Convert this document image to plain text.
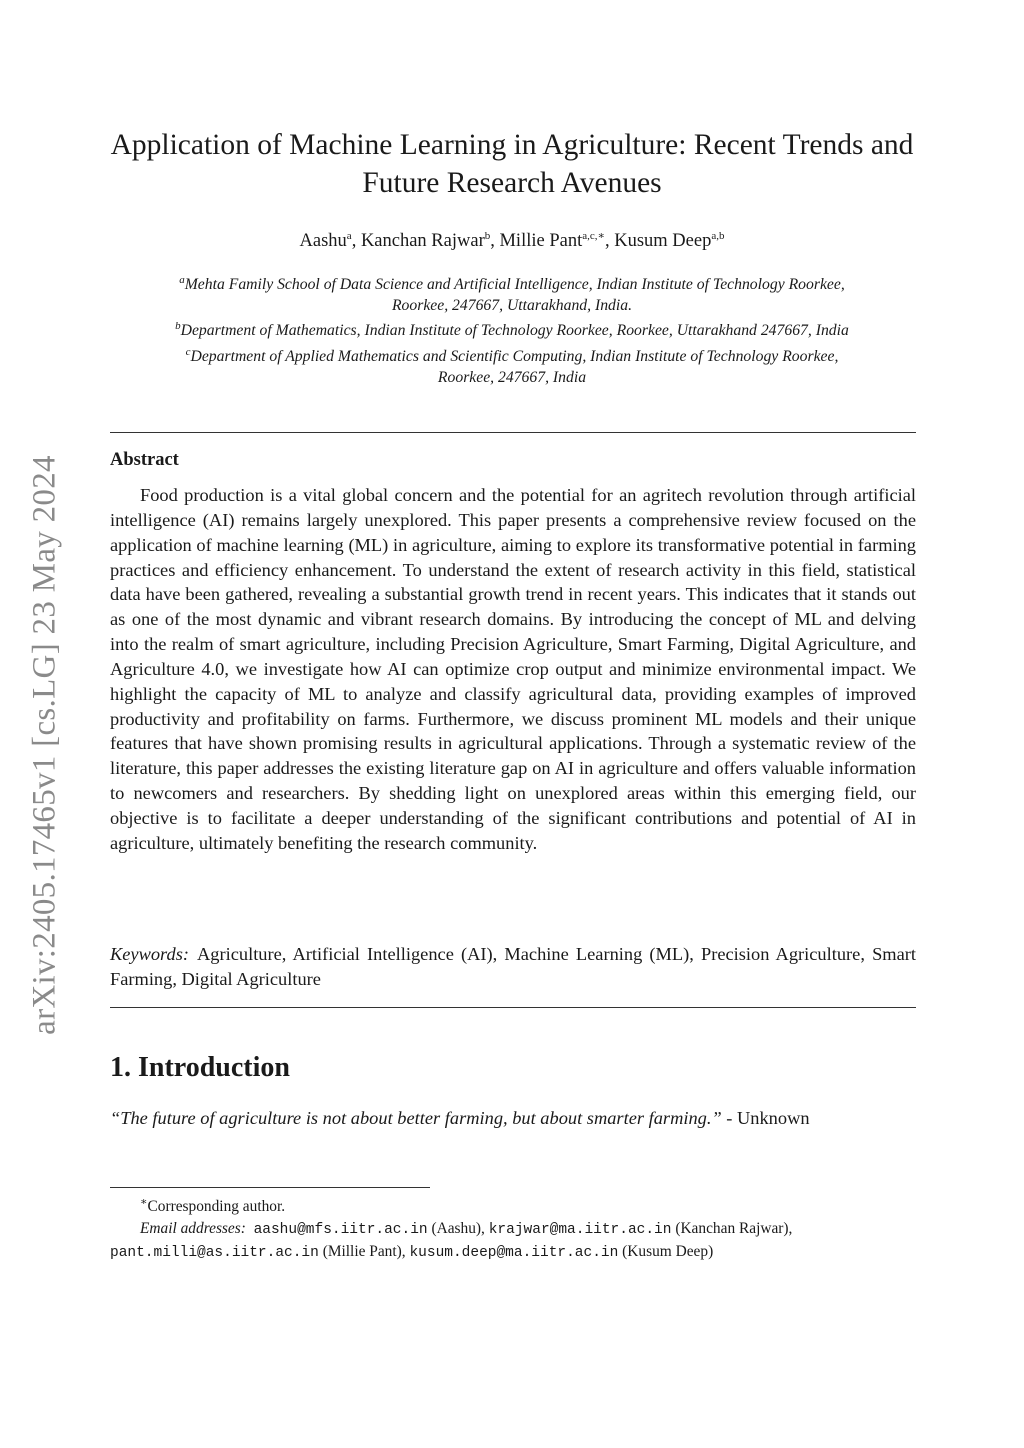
arXiv:2405.17465v1 [cs.LG] 23 May 2024
Application of Machine Learning in Agriculture: Recent Trends and
Future Research Avenues
Aashu$^a$, Kanchan Rajwar$^b$, Millie Pant$^{a,c,∗}$, Kusum Deep$^{a,b}$
$^a$Mehta Family School of Data Science and Artificial Intelligence, Indian Institute of Technology Roorkee,
Roorkee, 247667, Uttarakhand, India.
$^b$Department of Mathematics, Indian Institute of Technology Roorkee, Roorkee, Uttarakhand 247667, India
$^c$Department of Applied Mathematics and Scientific Computing, Indian Institute of Technology Roorkee,
Roorkee, 247667, India
Abstract
Food production is a vital global concern and the potential for an agritech revolution through artificial intelligence (AI) remains largely unexplored. This paper presents a comprehensive review focused on the application of machine learning (ML) in agriculture, aiming to explore its transformative potential in farming practices and efficiency enhancement. To understand the extent of research activity in this field, statistical data have been gathered, revealing a substantial growth trend in recent years. This indicates that it stands out as one of the most dynamic and vibrant research domains. By introducing the concept of ML and delving into the realm of smart agriculture, including Precision Agriculture, Smart Farming, Digital Agriculture, and Agriculture 4.0, we investigate how AI can optimize crop output and minimize environmental impact. We highlight the capacity of ML to analyze and classify agricultural data, providing examples of improved productivity and profitability on farms. Furthermore, we discuss prominent ML models and their unique features that have shown promising results in agricultural applications. Through a systematic review of the literature, this paper addresses the existing literature gap on AI in agriculture and offers valuable information to newcomers and researchers. By shedding light on unexplored areas within this emerging field, our objective is to facilitate a deeper understanding of the significant contributions and potential of AI in agriculture, ultimately benefiting the research community.
Keywords: Agriculture, Artificial Intelligence (AI), Machine Learning (ML), Precision Agriculture, Smart Farming, Digital Agriculture
1. Introduction
“The future of agriculture is not about better farming, but about smarter farming.” - Unknown
∗Corresponding author.
Email addresses: aashu@mfs.iitr.ac.in (Aashu), krajwar@ma.iitr.ac.in (Kanchan Rajwar),
pant.milli@as.iitr.ac.in (Millie Pant), kusum.deep@ma.iitr.ac.in (Kusum Deep)
